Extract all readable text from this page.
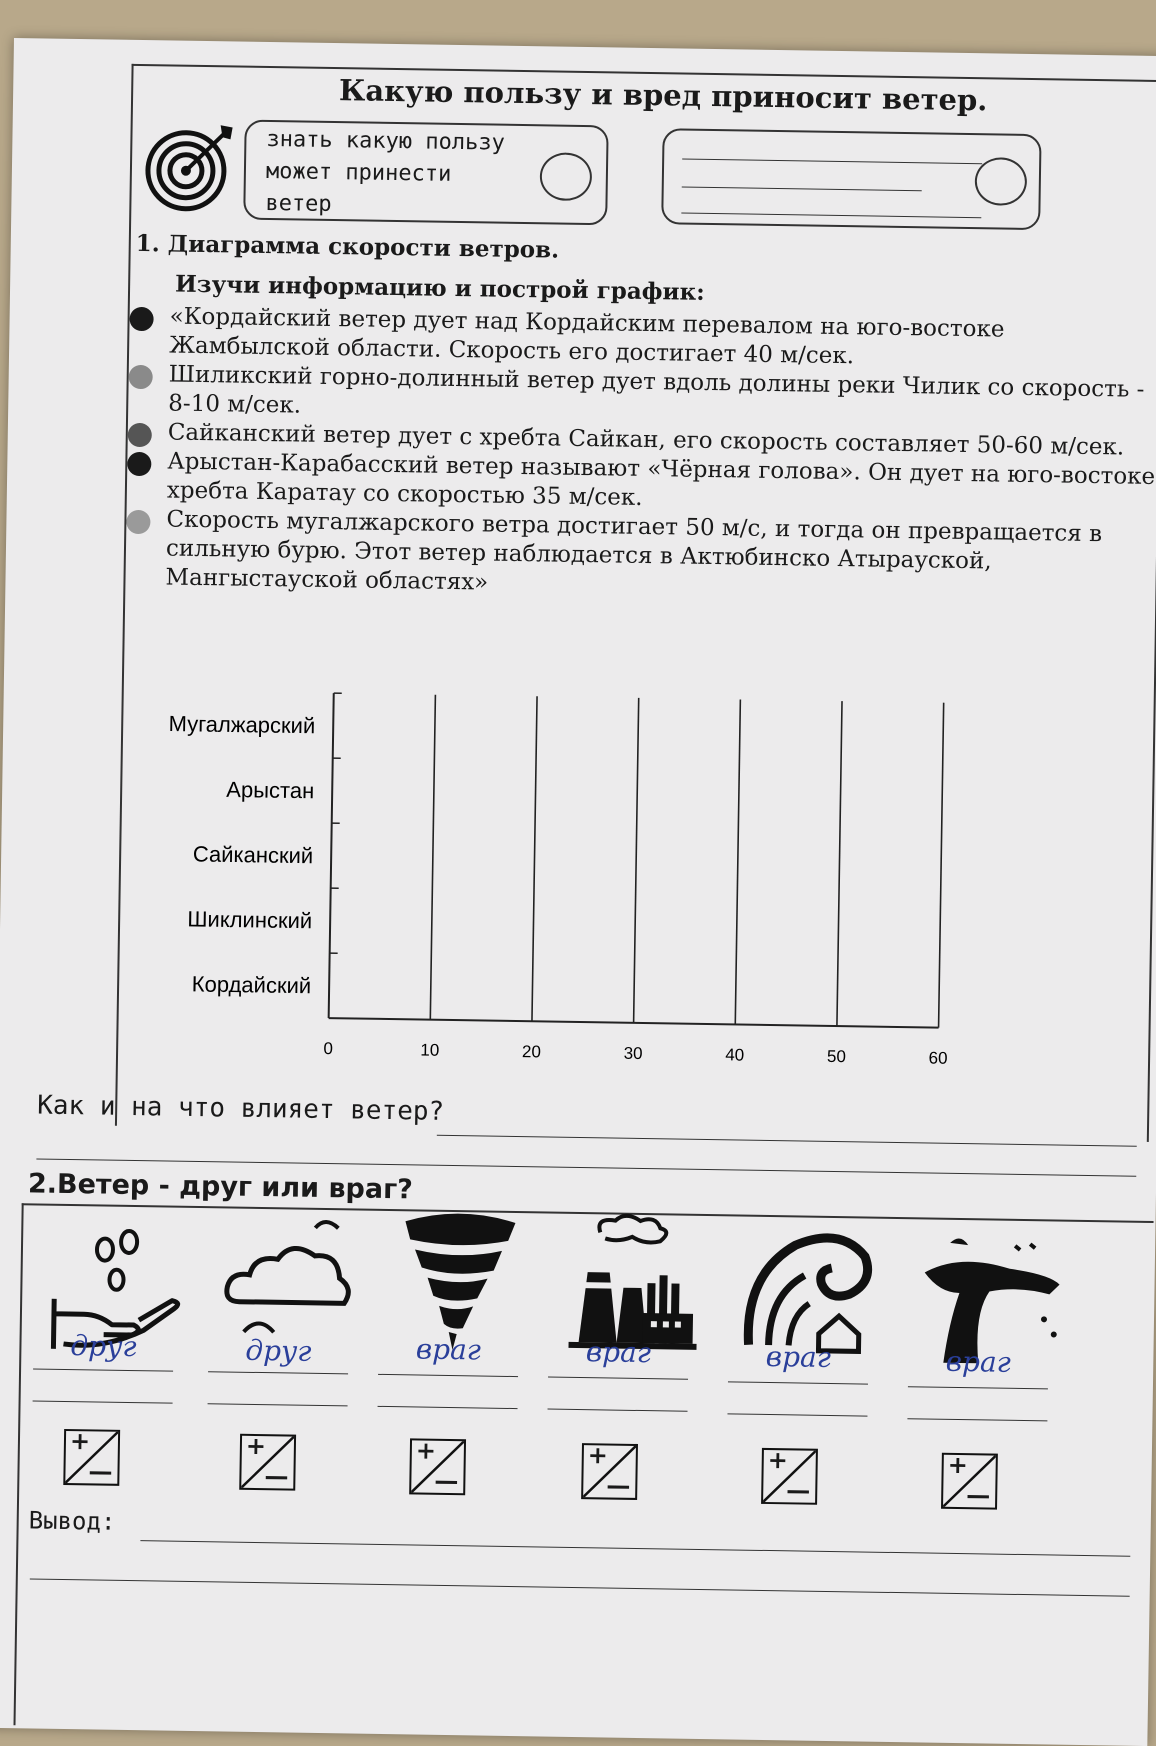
Какую пользу и вред приносит ветер.
знать какую пользу
может принести
ветер
1. Диаграмма скорости ветров.
Изучи информацию и построй график:
«Кордайский ветер дует над Кордайским перевалом на юго-востоке Жамбылской области. Скорость его достигает 40 м/сек.
Шиликский горно-долинный ветер дует вдоль долины реки Чилик со скорость - 8-10 м/сек.
Сайканский ветер дует с хребта Сайкан, его скорость составляет 50-60 м/сек.
Арыстан-Карабасский ветер называют «Чёрная голова». Он дует на юго-востоке хребта Каратау со скоростью 35 м/сек.
Скорость мугалжарского ветра достигает 50 м/с, и тогда он превращается в сильную бурю. Этот ветер наблюдается в Актюбинско Атырауской, Мангыстауской областях»
Кордайский
Шиклинский
Сайканский
Арыстан
Мугалжарский
0	10	20	30	40	50	60
Как и на что влияет ветер?
2.Ветер - друг или враг?
друг	друг	враг	враг	враг	враг
+
—
+
—
+
—
+
—
+
—
+
—
Вывод:
